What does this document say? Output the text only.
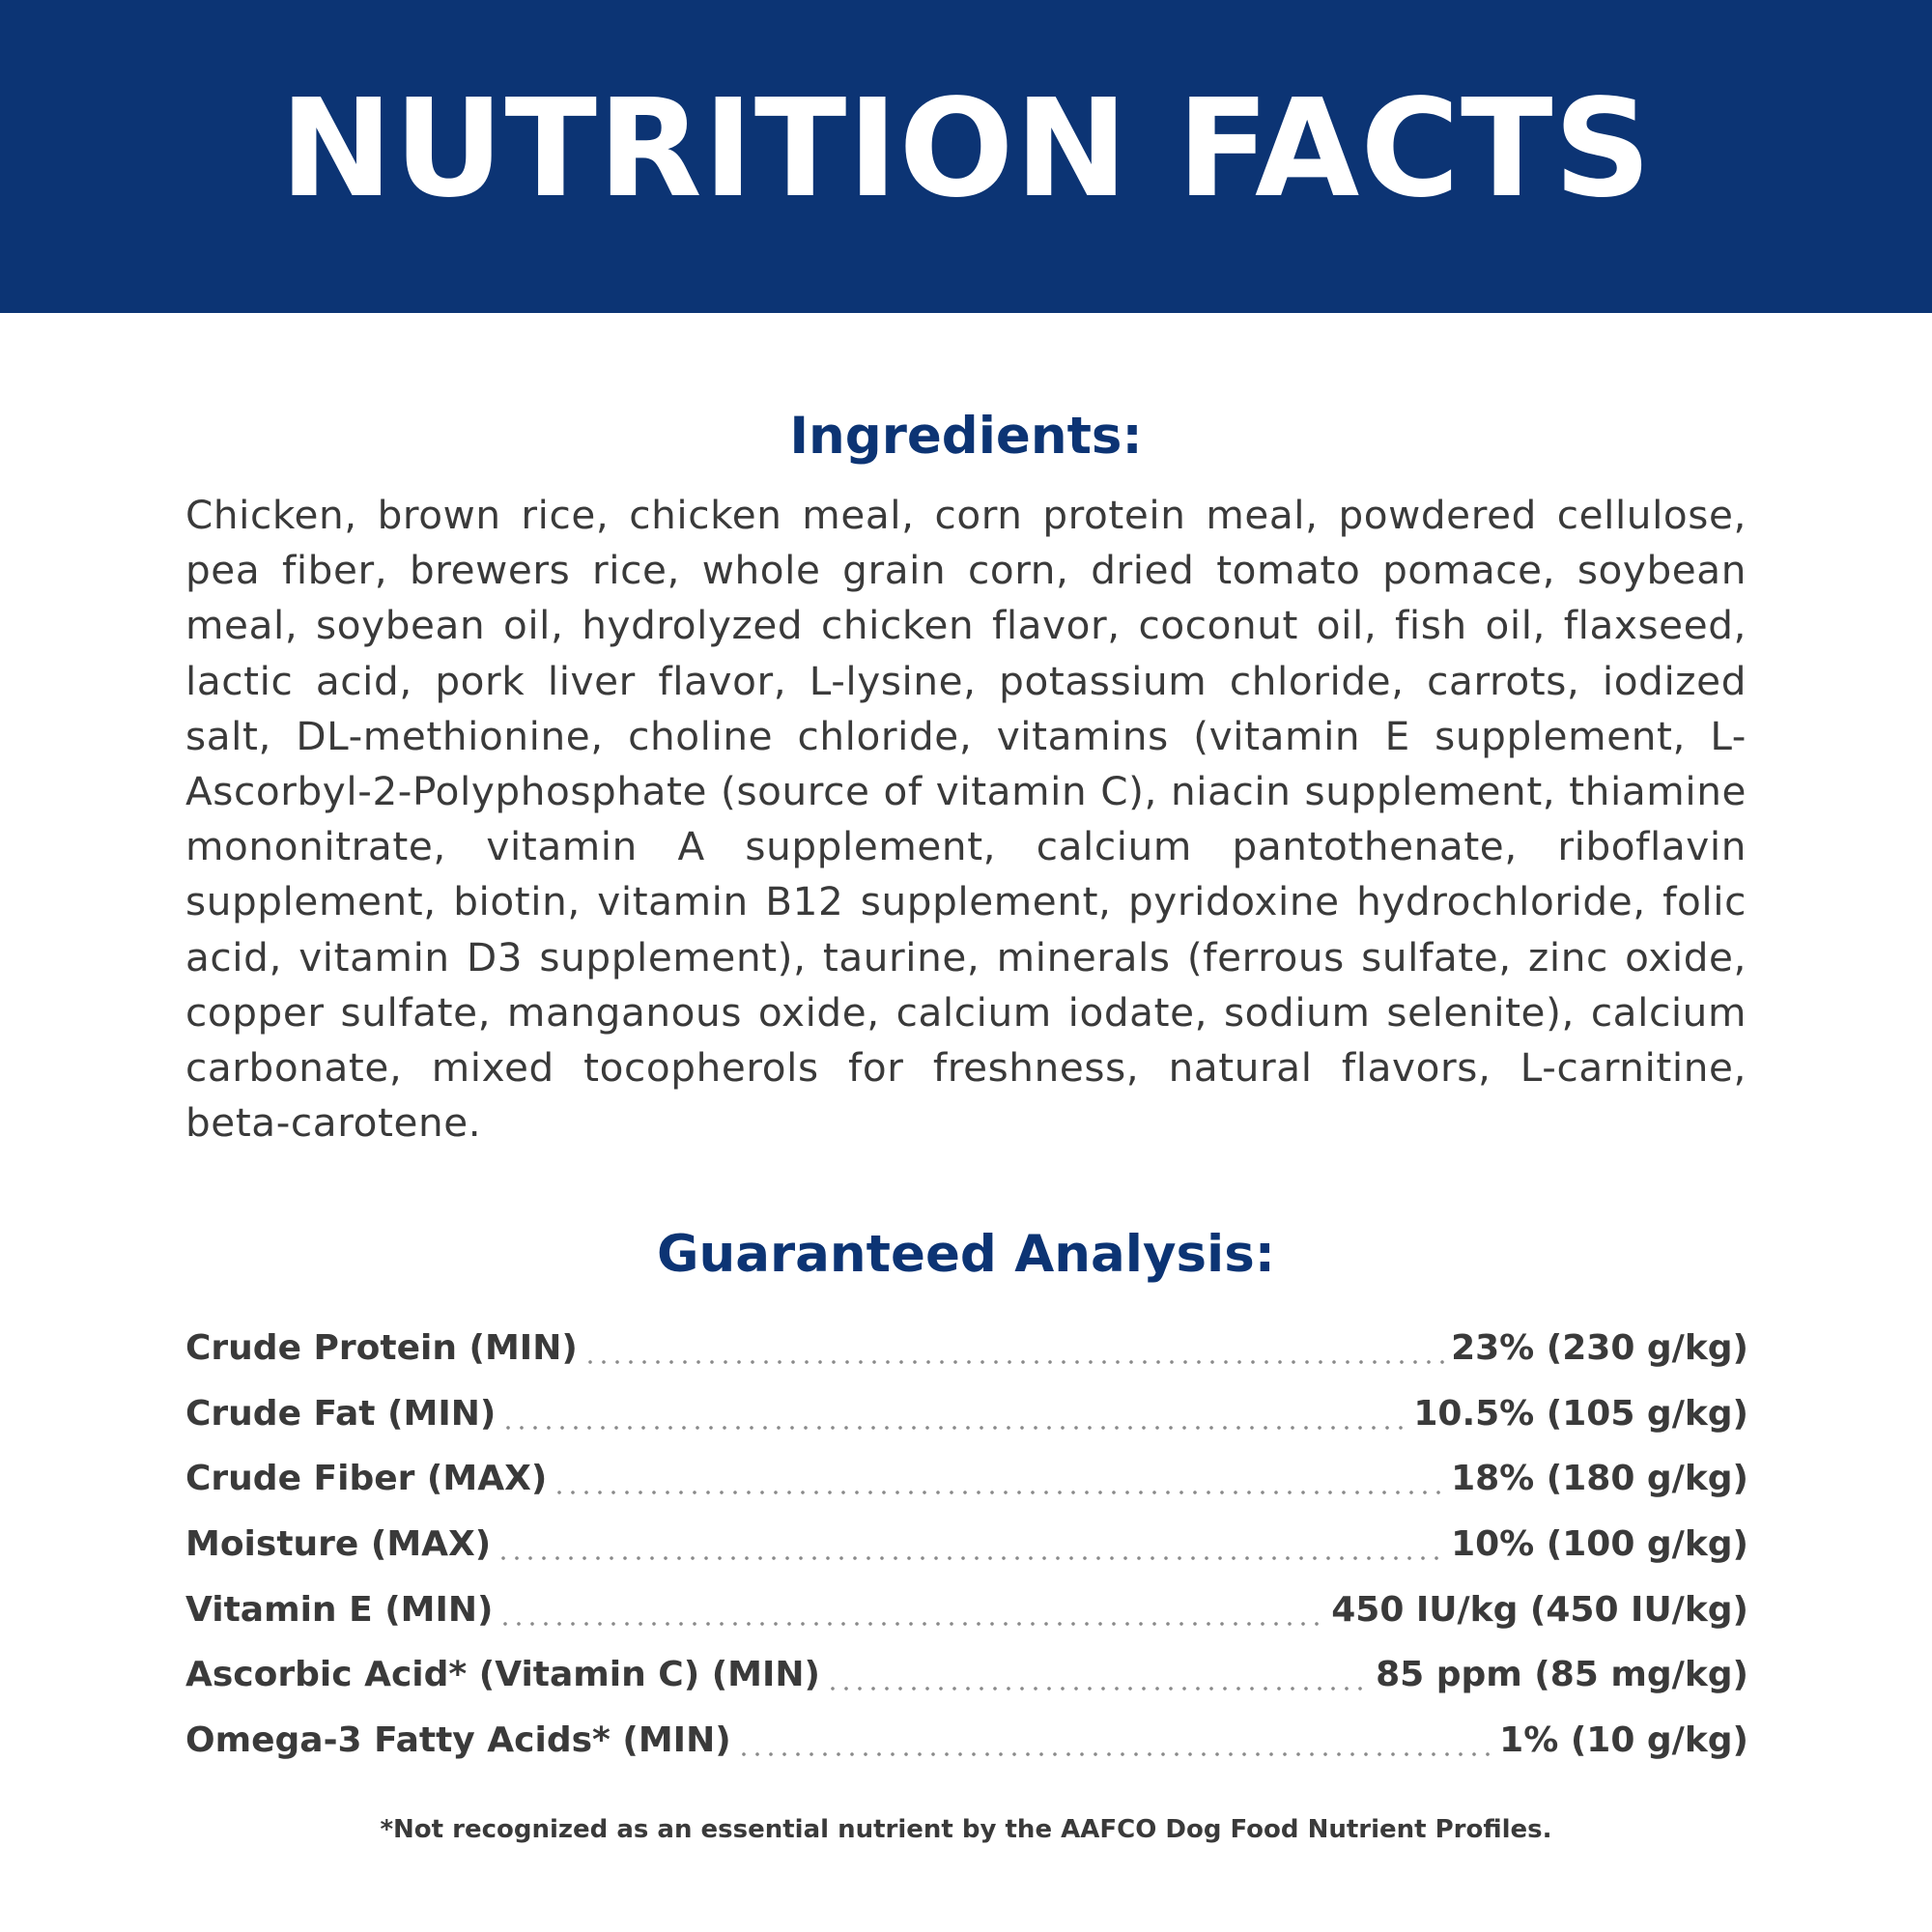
NUTRITION FACTS
Ingredients:
Chicken, brown rice, chicken meal, corn protein meal, powdered cellulose, pea fiber, brewers rice, whole grain corn, dried tomato pomace, soybean meal, soybean oil, hydrolyzed chicken flavor, coconut oil, fish oil, flaxseed, lactic acid, pork liver flavor, L-lysine, potassium chloride, carrots, iodized salt, DL-methionine, choline chloride, vitamins (vitamin E supplement, L-Ascorbyl-2-Polyphosphate (source of vitamin C), niacin supplement, thiamine mononitrate, vitamin A supplement, calcium pantothenate, riboflavin supplement, biotin, vitamin B12 supplement, pyridoxine hydrochloride, folic acid, vitamin D3 supplement), taurine, minerals (ferrous sulfate, zinc oxide, copper sulfate, manganous oxide, calcium iodate, sodium selenite), calcium carbonate, mixed tocopherols for freshness, natural flavors, L-carnitine, beta-carotene.
Guaranteed Analysis:
Crude Protein (MIN)	23% (230 g/kg)
Crude Fat (MIN)	10.5% (105 g/kg)
Crude Fiber (MAX)	18% (180 g/kg)
Moisture (MAX)	10% (100 g/kg)
Vitamin E (MIN)	450 IU/kg (450 IU/kg)
Ascorbic Acid* (Vitamin C) (MIN)	85 ppm (85 mg/kg)
Omega-3 Fatty Acids* (MIN)	1% (10 g/kg)
*Not recognized as an essential nutrient by the AAFCO Dog Food Nutrient Profiles.
